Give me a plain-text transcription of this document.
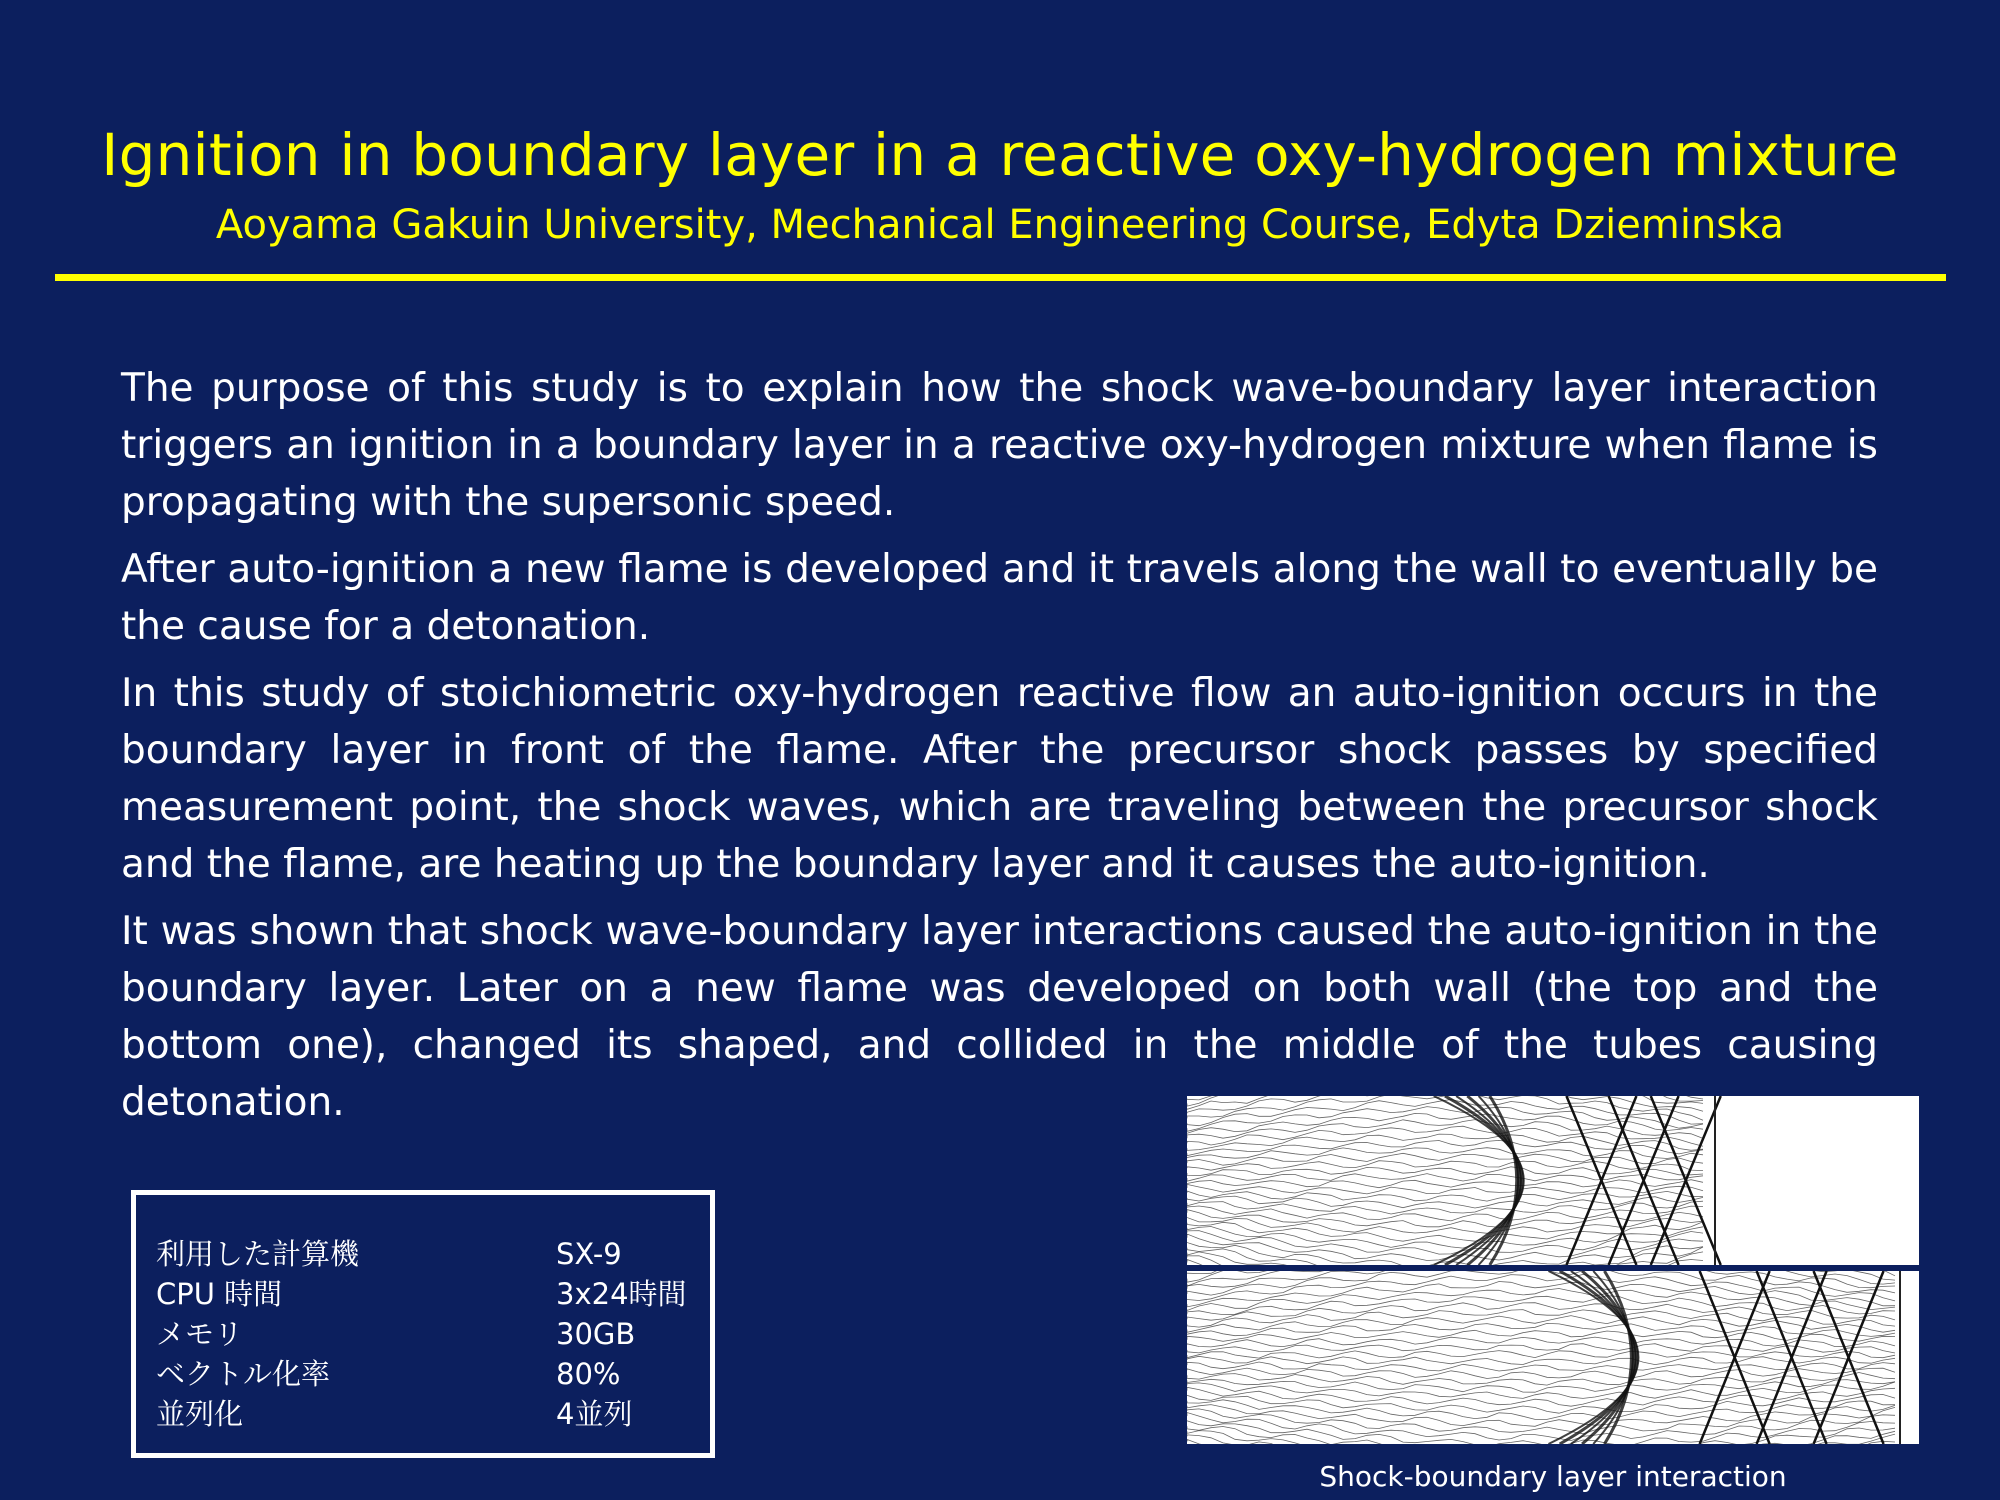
Ignition in boundary layer in a reactive oxy-hydrogen mixture
Aoyama Gakuin University, Mechanical Engineering Course, Edyta Dzieminska

The purpose of this study is to explain how the shock wave-boundary layer interaction triggers an ignition in a boundary layer in a reactive oxy-hydrogen mixture when flame is propagating with the supersonic speed.

After auto-ignition a new flame is developed and it travels along the wall to eventually be the cause for a detonation.

In this study of stoichiometric oxy-hydrogen reactive flow an auto-ignition occurs in the boundary layer in front of the flame. After the precursor shock passes by specified measurement point, the shock waves, which are traveling between the precursor shock and the flame, are heating up the boundary layer and it causes the auto-ignition.

It was shown that shock wave-boundary layer interactions caused the auto-ignition in the boundary layer. Later on a new flame was developed on both wall (the top and the bottom one), changed its shaped, and collided in the middle of the tubes causing detonation.

利用した計算機	SX-9
CPU 時間	3x24時間
メモリ	30GB
ベクトル化率	80%
並列化	4並列
Shock-boundary layer interaction
